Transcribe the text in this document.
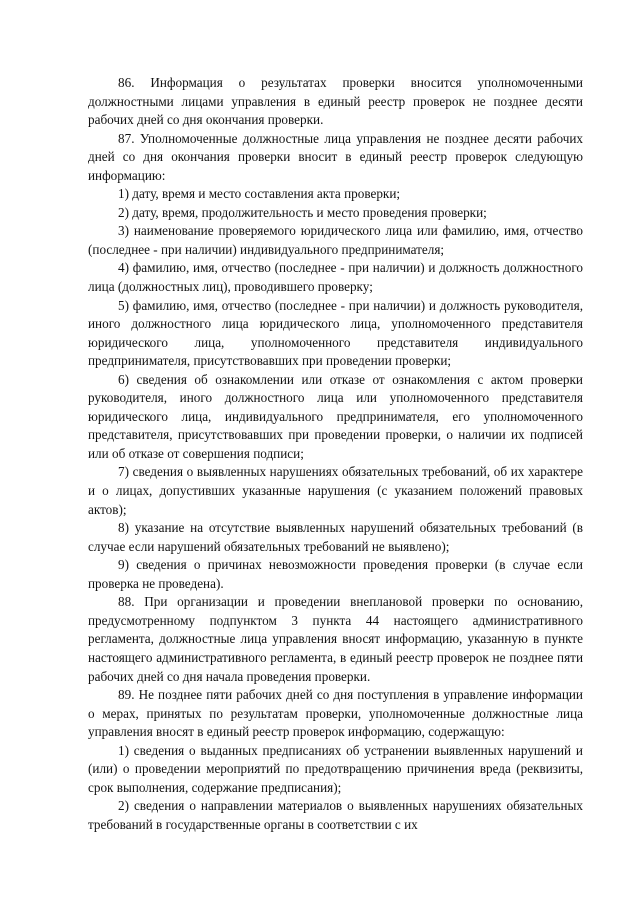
86. Информация о результатах проверки вносится уполномоченными должностными лицами управления в единый реестр проверок не позднее десяти рабочих дней со дня окончания проверки.

87. Уполномоченные должностные лица управления не позднее десяти рабочих дней со дня окончания проверки вносит в единый реестр проверок следующую информацию:

1) дату, время и место составления акта проверки;

2) дату, время, продолжительность и место проведения проверки;

3) наименование проверяемого юридического лица или фамилию, имя, отчество (последнее - при наличии) индивидуального предпринимателя;

4) фамилию, имя, отчество (последнее - при наличии) и должность должностного лица (должностных лиц), проводившего проверку;

5) фамилию, имя, отчество (последнее - при наличии) и должность руководителя, иного должностного лица юридического лица, уполномоченного представителя юридического лица, уполномоченного представителя индивидуального предпринимателя, присутствовавших при проведении проверки;

6) сведения об ознакомлении или отказе от ознакомления с актом проверки руководителя, иного должностного лица или уполномоченного представителя юридического лица, индивидуального предпринимателя, его уполномоченного представителя, присутствовавших при проведении проверки, о наличии их подписей или об отказе от совершения подписи;

7) сведения о выявленных нарушениях обязательных требований, об их характере и о лицах, допустивших указанные нарушения (с указанием положений правовых актов);

8) указание на отсутствие выявленных нарушений обязательных требований (в случае если нарушений обязательных требований не выявлено);

9) сведения о причинах невозможности проведения проверки (в случае если проверка не проведена).

88. При организации и проведении внеплановой проверки по основанию, предусмотренному подпунктом 3 пункта 44 настоящего административного регламента, должностные лица управления вносят информацию, указанную в пункте настоящего административного регламента, в единый реестр проверок не позднее пяти рабочих дней со дня начала проведения проверки.

89. Не позднее пяти рабочих дней со дня поступления в управление информации о мерах, принятых по результатам проверки, уполномоченные должностные лица управления вносят в единый реестр проверок информацию, содержащую:

1) сведения о выданных предписаниях об устранении выявленных нарушений и (или) о проведении мероприятий по предотвращению причинения вреда (реквизиты, срок выполнения, содержание предписания);

2) сведения о направлении материалов о выявленных нарушениях обязательных требований в государственные органы в соответствии с их
